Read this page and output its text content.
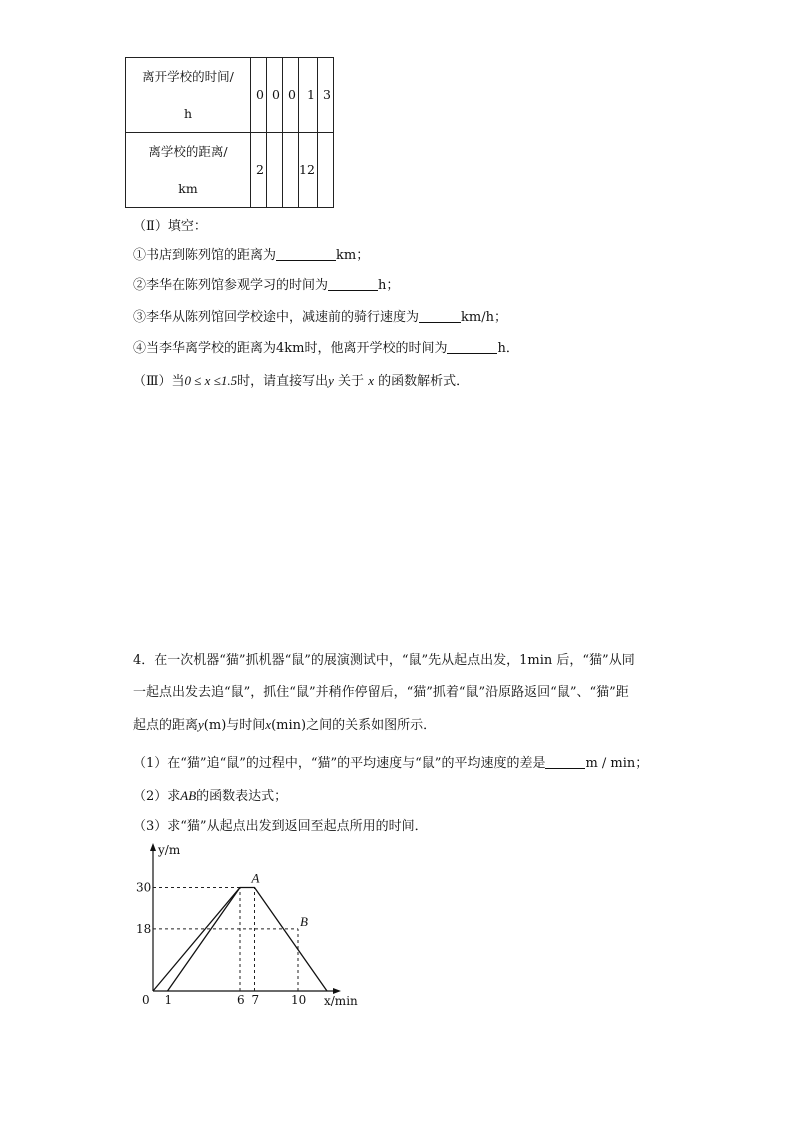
离开学校的时间/
h	0	0	0	1	3

离学校的距离/
km	2			12	
（Ⅱ）填空：
①书店到陈列馆的距离为	km；
②李华在陈列馆参观学习的时间为	h；
③李华从陈列馆回学校途中，减速前的骑行速度为	km/h；
④当李华离学校的距离为4km时，他离开学校的时间为	h．
（Ⅲ）当0 ≤ x ≤1.5时，请直接写出y 关于 x 的函数解析式．
4．在一次机器“猫”抓机器“鼠”的展演测试中，“鼠”先从起点出发，1min 后，“猫”从同
一起点出发去追“鼠”，抓住“鼠”并稍作停留后，“猫”抓着“鼠”沿原路返回“鼠”、“猫”距
起点的距离y(m)与时间x(min)之间的关系如图所示．
（1）在“猫”追“鼠”的过程中，“猫”的平均速度与“鼠”的平均速度的差是	m / min；
（2）求AB的函数表达式；
（3）求“猫”从起点出发到返回至起点所用的时间．
y/m
x/min
0
30
18
1	6 7	10
A
B
